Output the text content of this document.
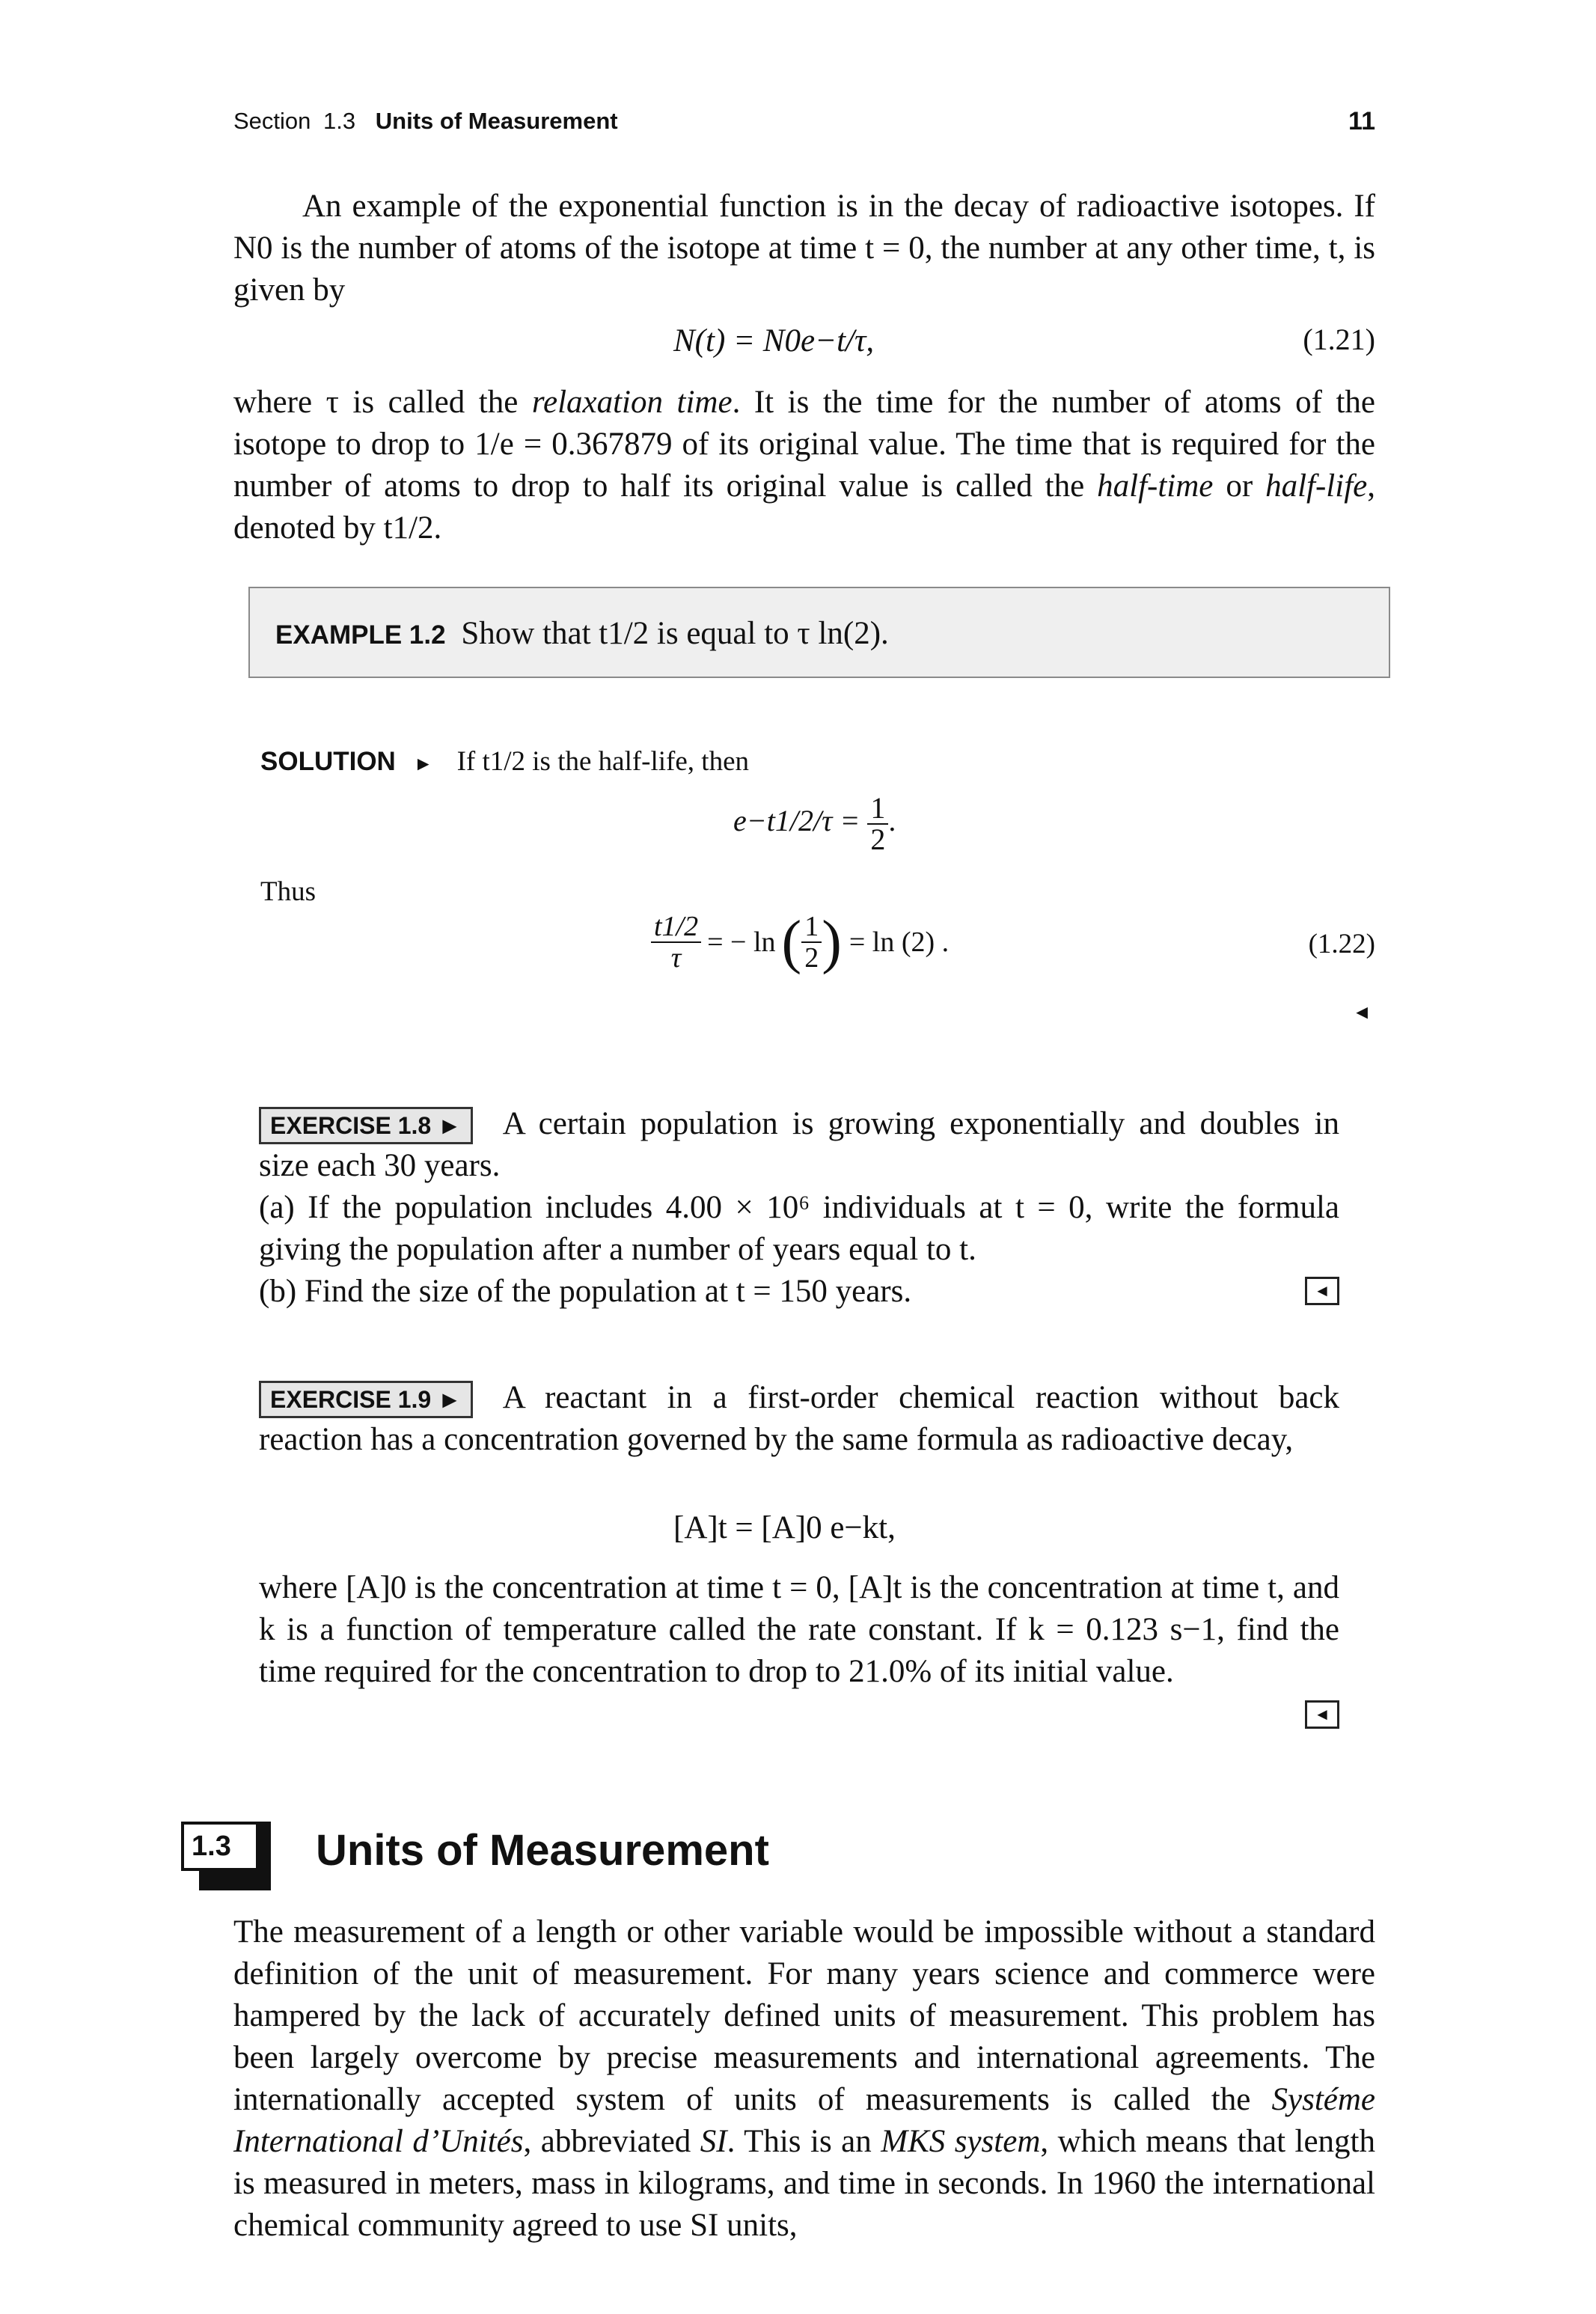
Section 1.3 Units of Measurement	11

An example of the exponential function is in the decay of radioactive isotopes. If N0 is the number of atoms of the isotope at time t = 0, the number at any other time, t, is given by

N(t) = N0e−t/τ,	(1.21)

where τ is called the relaxation time. It is the time for the number of atoms of the isotope to drop to 1/e = 0.367879 of its original value. The time that is required for the number of atoms to drop to half its original value is called the half-time or half-life, denoted by t1/2.

EXAMPLE 1.2 Show that t1/2 is equal to τ ln(2).
SOLUTION ► If t1/2 is the half-life, then
$e-t1/2/\tau = \frac{1}{2}$ .
Thus
$\frac{t1/2}{\tau}$ = − ln ( $\frac{1}{2}$ ) = ln (2) .	(1.22)
◄

EXERCISE 1.8 ► A certain population is growing exponentially and doubles in size each 30 years.

(a) If the population includes 4.00 × 10⁶ individuals at t = 0, write the formula giving the population after a number of years equal to t.

(b) Find the size of the population at t = 150 years.	◄

EXERCISE 1.9 ► A reactant in a first-order chemical reaction without back reaction has a concentration governed by the same formula as radioactive decay,

[A]t = [A]0 e−kt,

where [A]0 is the concentration at time t = 0, [A]t is the concentration at time t, and k is a function of temperature called the rate constant. If k = 0.123 s−1, find the time required for the concentration to drop to 21.0% of its initial value.

◄
1.3 Units of Measurement

The measurement of a length or other variable would be impossible without a standard definition of the unit of measurement. For many years science and commerce were hampered by the lack of accurately defined units of measurement. This problem has been largely overcome by precise measurements and international agreements. The internationally accepted system of units of measurements is called the Systéme International d’Unités, abbreviated SI. This is an MKS system, which means that length is measured in meters, mass in kilograms, and time in seconds. In 1960 the international chemical community agreed to use SI units,
